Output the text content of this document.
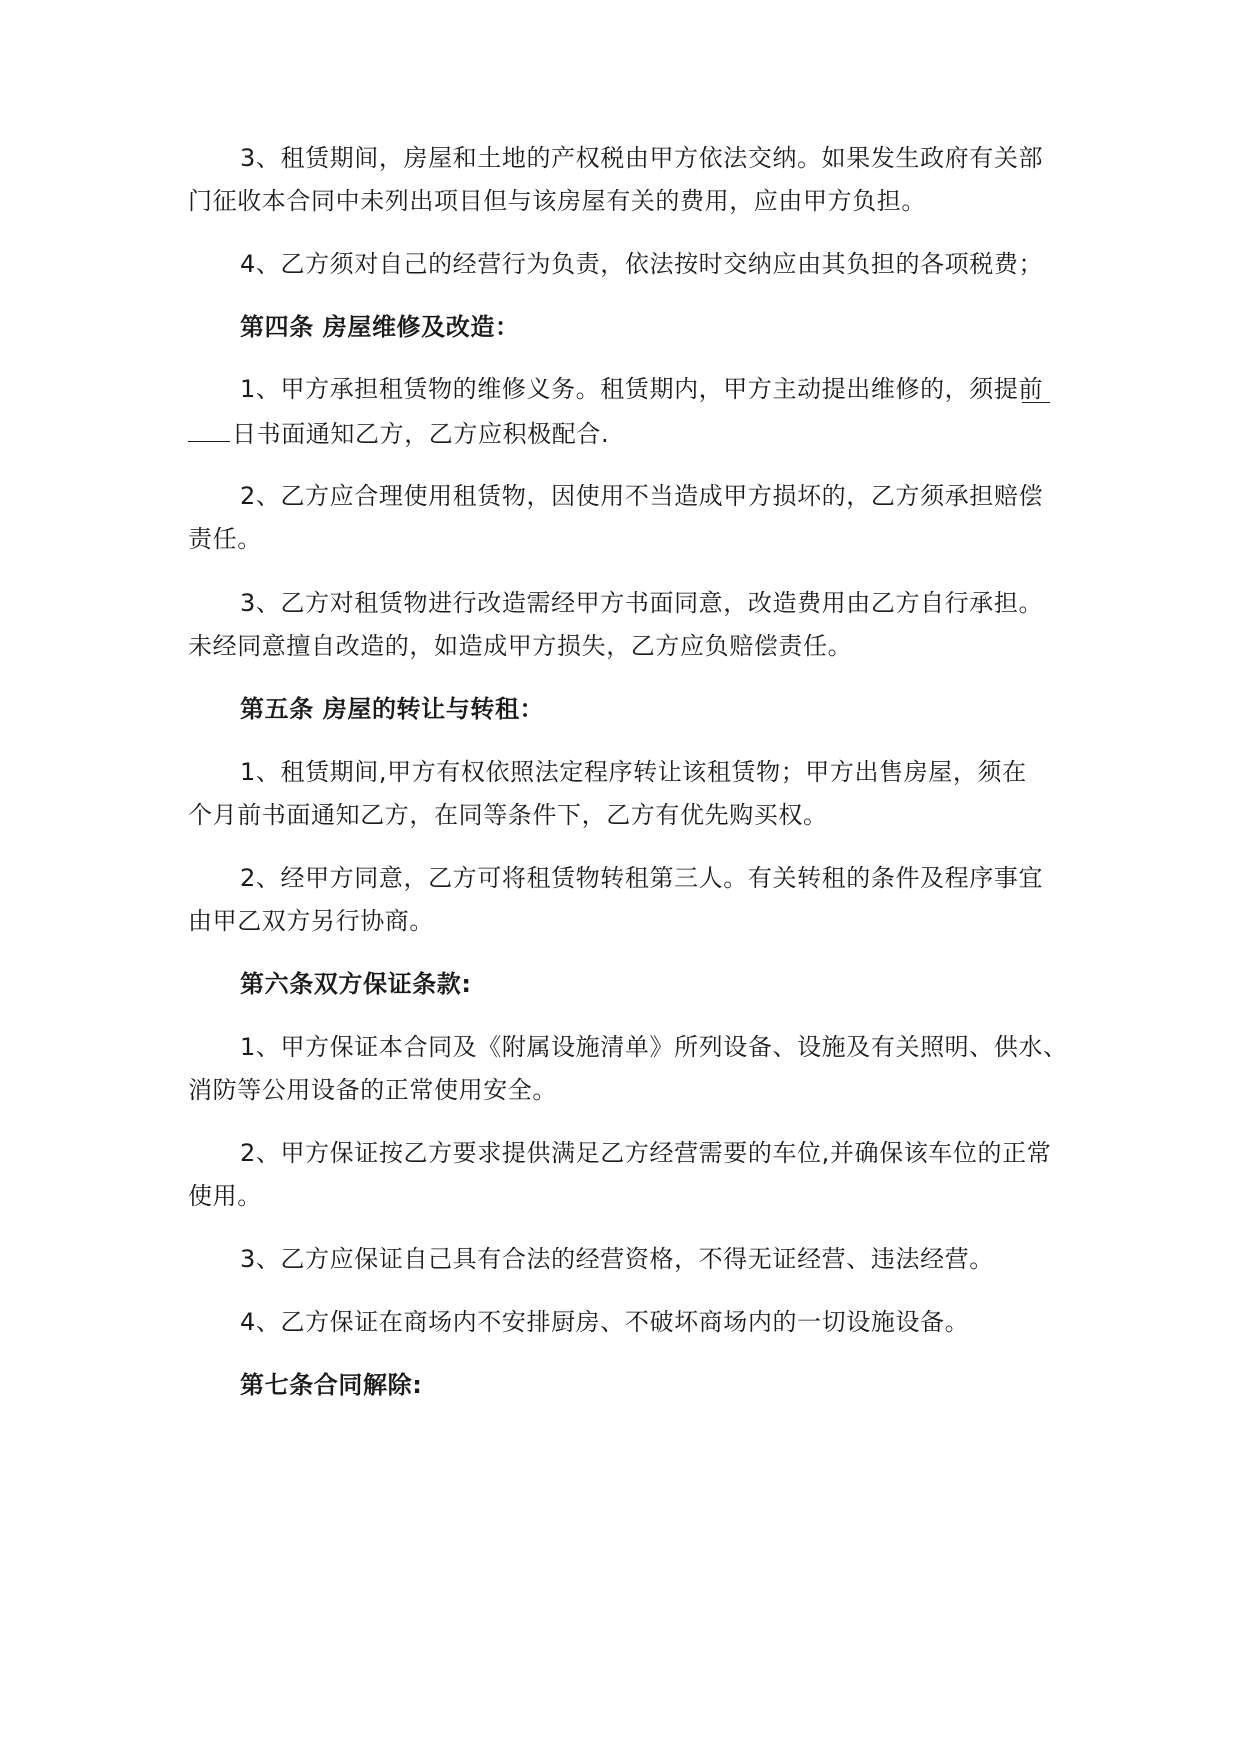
3、租赁期间，房屋和土地的产权税由甲方依法交纳。如果发生政府有关部
门征收本合同中未列出项目但与该房屋有关的费用，应由甲方负担。
4、乙方须对自己的经营行为负责，依法按时交纳应由其负担的各项税费；
第四条 房屋维修及改造：
1、甲方承担租赁物的维修义务。租赁期内，甲方主动提出维修的，须提前
日书面通知乙方，乙方应积极配合.
2、乙方应合理使用租赁物，因使用不当造成甲方损坏的，乙方须承担赔偿
责任。
3、乙方对租赁物进行改造需经甲方书面同意，改造费用由乙方自行承担。
未经同意擅自改造的，如造成甲方损失，乙方应负赔偿责任。
第五条 房屋的转让与转租：
1、租赁期间,甲方有权依照法定程序转让该租赁物；甲方出售房屋，须在
个月前书面通知乙方，在同等条件下，乙方有优先购买权。
2、经甲方同意，乙方可将租赁物转租第三人。有关转租的条件及程序事宜
由甲乙双方另行协商。
第六条双方保证条款:
1、甲方保证本合同及《附属设施清单》所列设备、设施及有关照明、供水、
消防等公用设备的正常使用安全。
2、甲方保证按乙方要求提供满足乙方经营需要的车位,并确保该车位的正常
使用。
3、乙方应保证自己具有合法的经营资格，不得无证经营、违法经营。
4、乙方保证在商场内不安排厨房、不破坏商场内的一切设施设备。
第七条合同解除:
